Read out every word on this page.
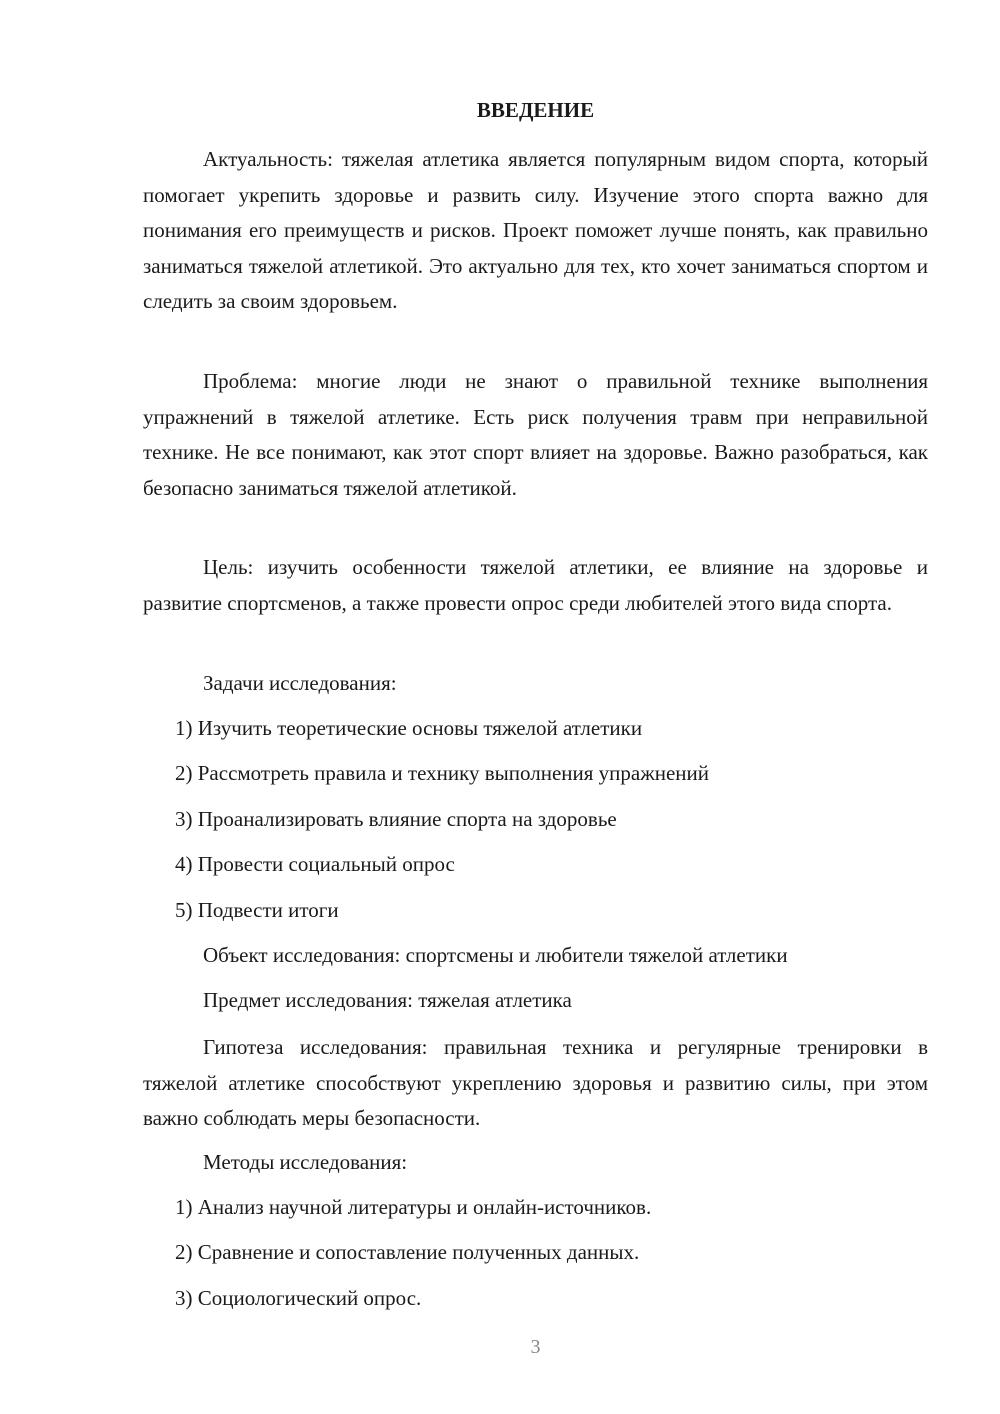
ВВЕДЕНИЕ

Актуальность: тяжелая атлетика является популярным видом спорта, который помогает укрепить здоровье и развить силу. Изучение этого спорта важно для понимания его преимуществ и рисков. Проект поможет лучше понять, как правильно заниматься тяжелой атлетикой. Это актуально для тех, кто хочет заниматься спортом и следить за своим здоровьем.

Проблема: многие люди не знают о правильной технике выполнения упражнений в тяжелой атлетике. Есть риск получения травм при неправильной технике. Не все понимают, как этот спорт влияет на здоровье. Важно разобраться, как безопасно заниматься тяжелой атлетикой.

Цель: изучить особенности тяжелой атлетики, ее влияние на здоровье и развитие спортсменов, а также провести опрос среди любителей этого вида спорта.

Задачи исследования:

1) Изучить теоретические основы тяжелой атлетики

2) Рассмотреть правила и технику выполнения упражнений

3) Проанализировать влияние спорта на здоровье

4) Провести социальный опрос

5) Подвести итоги

Объект исследования: спортсмены и любители тяжелой атлетики

Предмет исследования: тяжелая атлетика

Гипотеза исследования: правильная техника и регулярные тренировки в тяжелой атлетике способствуют укреплению здоровья и развитию силы, при этом важно соблюдать меры безопасности.

Методы исследования:

1) Анализ научной литературы и онлайн-источников.

2) Сравнение и сопоставление полученных данных.

3) Социологический опрос.

3
